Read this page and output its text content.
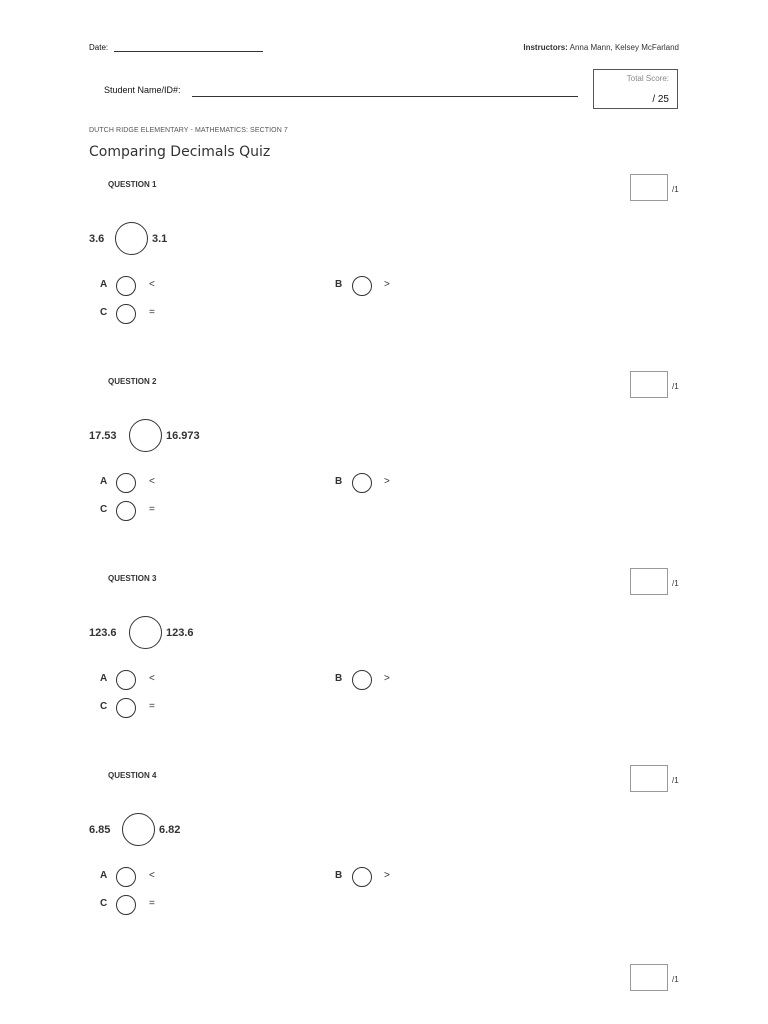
Date:	Instructors: Anna Mann, Kelsey McFarland
Student Name/ID#:
Total Score:
/ 25
DUTCH RIDGE ELEMENTARY - MATHEMATICS: SECTION 7
Comparing Decimals Quiz
QUESTION 1
/1
3.6	3.1
A	<	B	>
C	=
QUESTION 2
/1
17.53	16.973
A	<	B	>
C	=
QUESTION 3
/1
123.6	123.6
A	<	B	>
C	=
QUESTION 4
/1
6.85	6.82
A	<	B	>
C	=
/1
